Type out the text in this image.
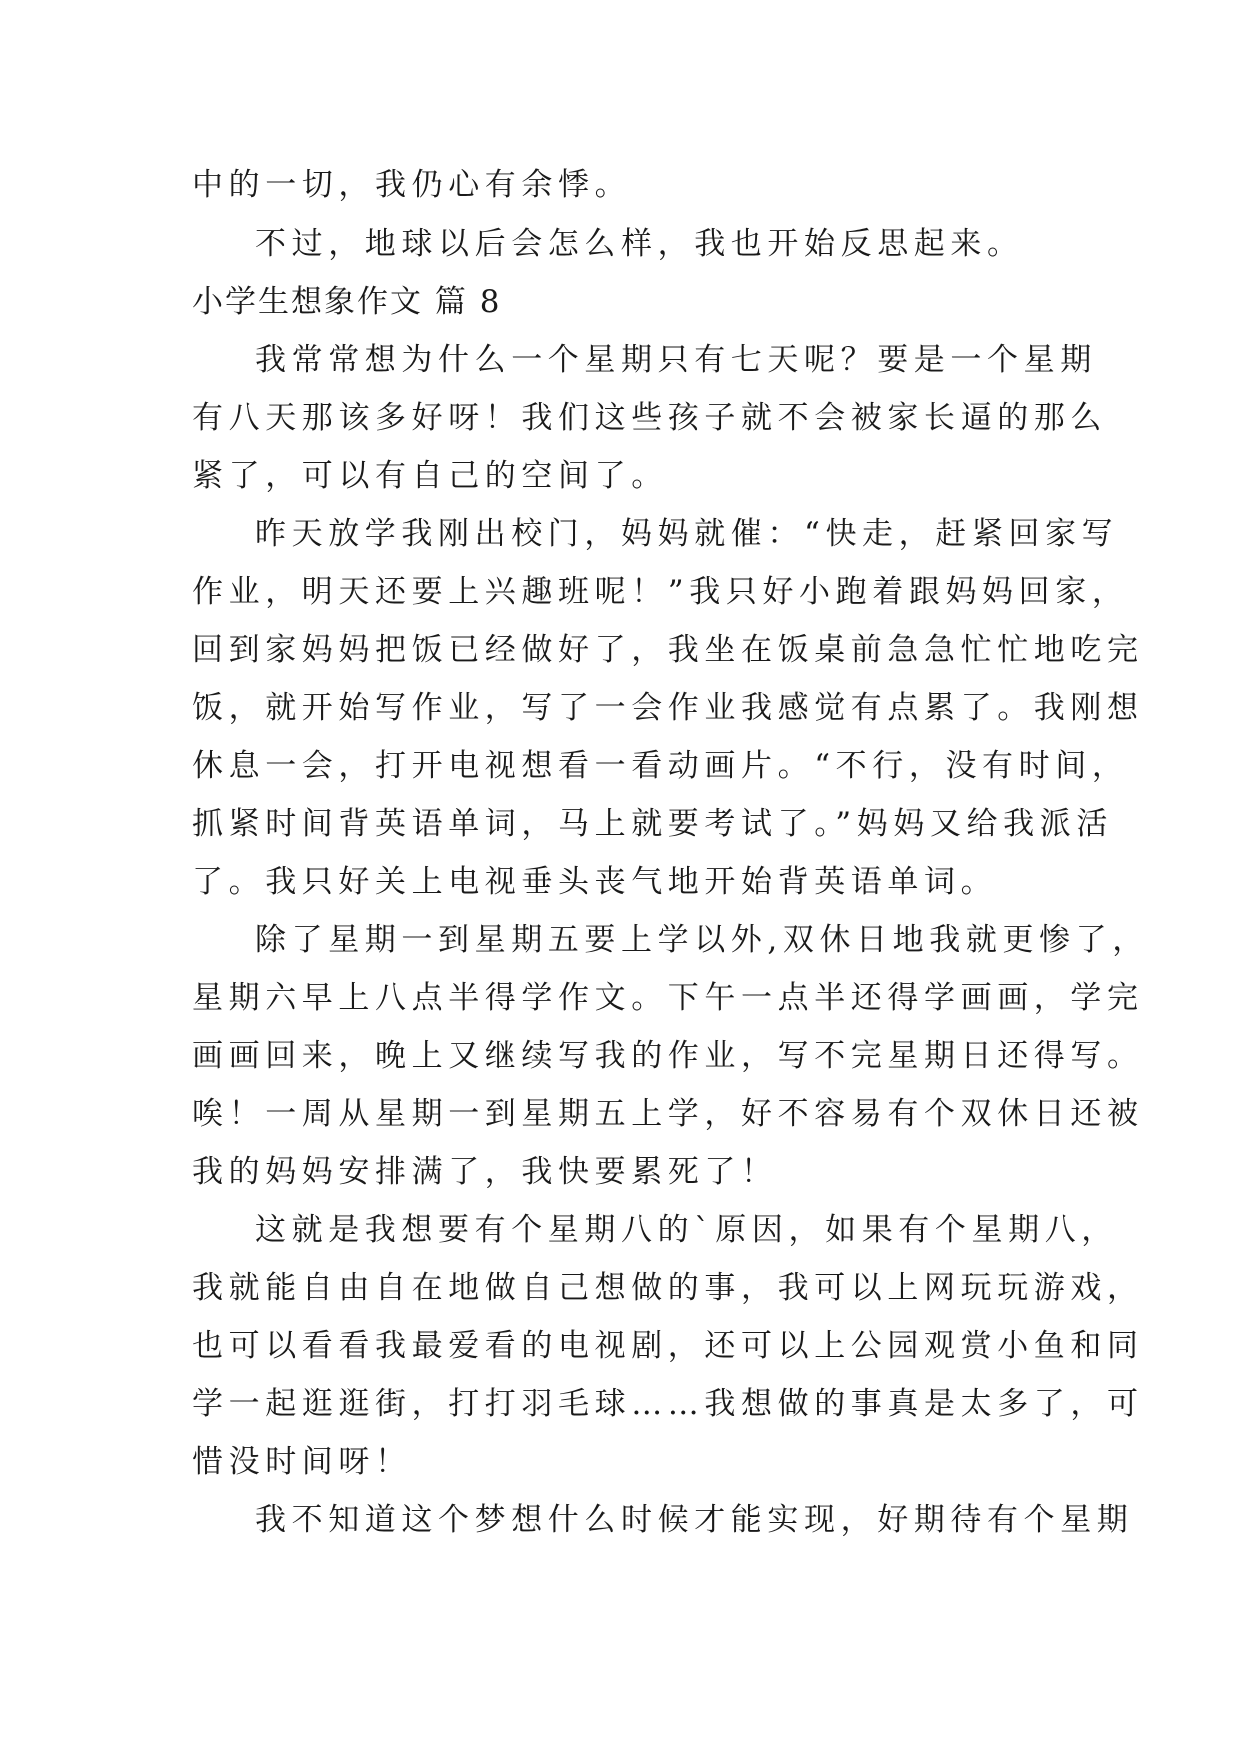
中的一切，我仍心有余悸。
不过，地球以后会怎么样，我也开始反思起来。
小学生想象作文 篇 8
我常常想为什么一个星期只有七天呢？要是一个星期
有八天那该多好呀！我们这些孩子就不会被家长逼的那么
紧了，可以有自己的空间了。
昨天放学我刚出校门，妈妈就催：“快走，赶紧回家写
作业，明天还要上兴趣班呢！”我只好小跑着跟妈妈回家，
回到家妈妈把饭已经做好了，我坐在饭桌前急急忙忙地吃完
饭，就开始写作业，写了一会作业我感觉有点累了。我刚想
休息一会，打开电视想看一看动画片。“不行，没有时间，
抓紧时间背英语单词，马上就要考试了。”妈妈又给我派活
了。我只好关上电视垂头丧气地开始背英语单词。
除了星期一到星期五要上学以外,双休日地我就更惨了，
星期六早上八点半得学作文。下午一点半还得学画画，学完
画画回来，晚上又继续写我的作业，写不完星期日还得写。
唉！一周从星期一到星期五上学，好不容易有个双休日还被
我的妈妈安排满了，我快要累死了！
这就是我想要有个星期八的`原因，如果有个星期八，
我就能自由自在地做自己想做的事，我可以上网玩玩游戏，
也可以看看我最爱看的电视剧，还可以上公园观赏小鱼和同
学一起逛逛街，打打羽毛球……我想做的事真是太多了，可
惜没时间呀！
我不知道这个梦想什么时候才能实现，好期待有个星期
